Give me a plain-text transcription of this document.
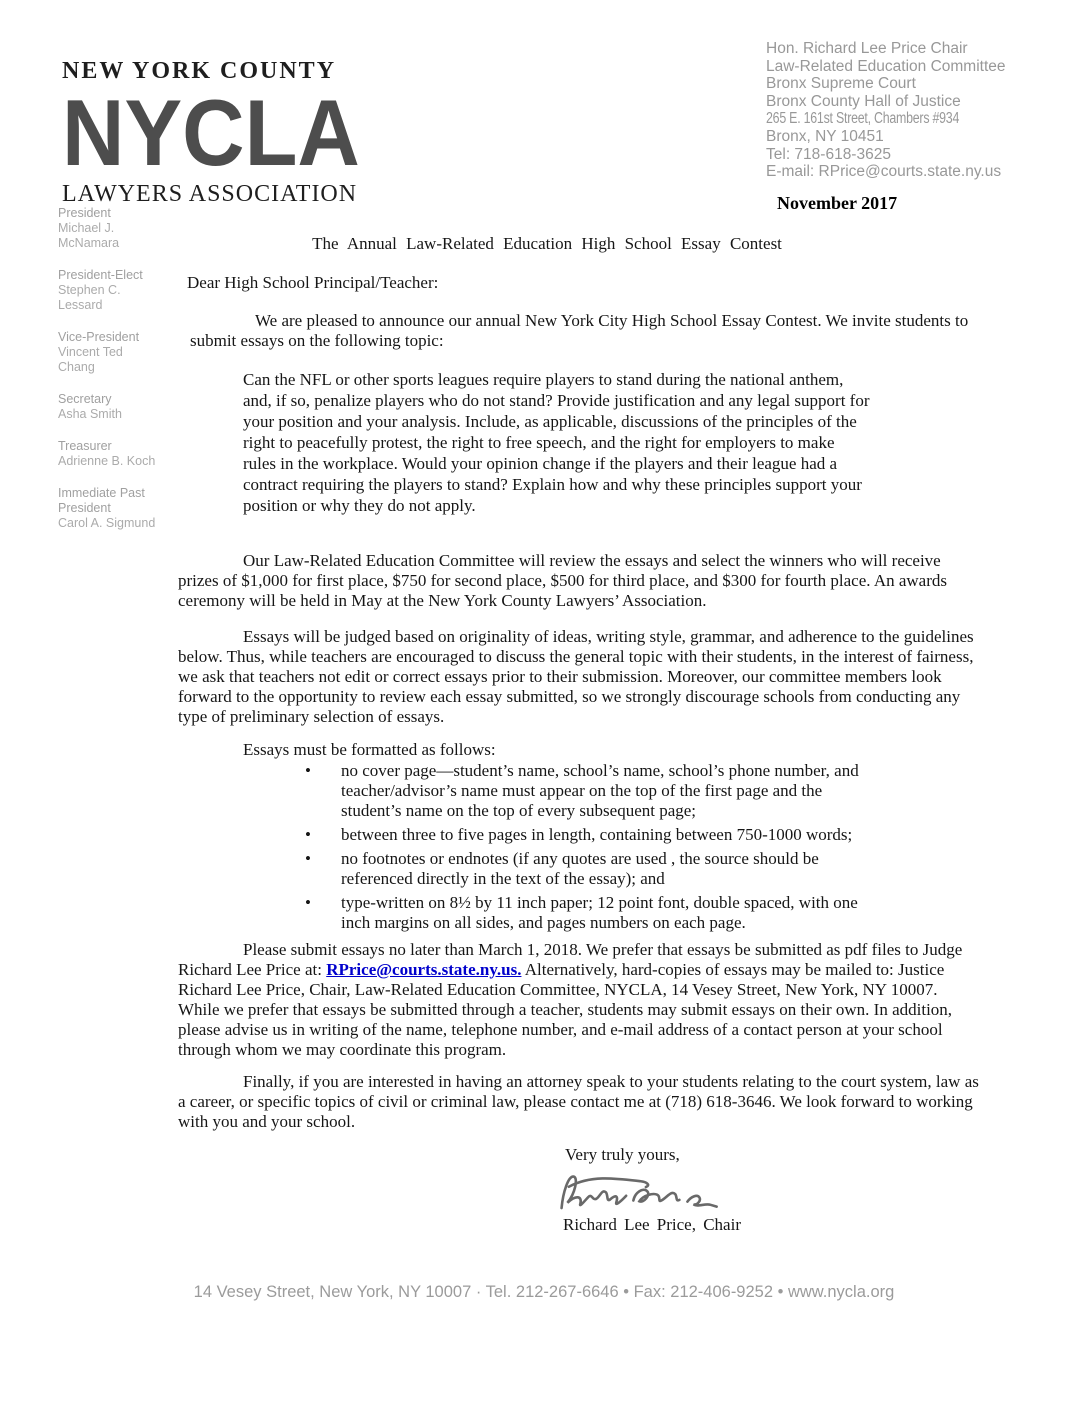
NEW YORK COUNTY
NYCLA
LAWYERS ASSOCIATION
Hon. Richard Lee Price Chair
Law-Related Education Committee
Bronx Supreme Court
Bronx County Hall of Justice
265 E. 161st Street, Chambers #934
Bronx, NY 10451
Tel: 718-618-3625
E-mail: RPrice@courts.state.ny.us
November 2017
President
Michael J. McNamara
President-Elect
Stephen C. Lessard
Vice-President
Vincent Ted Chang
Secretary
Asha Smith
Treasurer
Adrienne B. Koch
Immediate Past President
Carol A. Sigmund
The Annual Law-Related Education High School Essay Contest
Dear High School Principal/Teacher:

We are pleased to announce our annual New York City High School Essay Contest. We invite students to submit essays on the following topic:

Can the NFL or other sports leagues require players to stand during the national anthem, and, if so, penalize players who do not stand? Provide justification and any legal support for your position and your analysis. Include, as applicable, discussions of the principles of the right to peacefully protest, the right to free speech, and the right for employers to make rules in the workplace. Would your opinion change if the players and their league had a contract requiring the players to stand? Explain how and why these principles support your position or why they do not apply.

Our Law-Related Education Committee will review the essays and select the winners who will receive prizes of $1,000 for first place, $750 for second place, $500 for third place, and $300 for fourth place. An awards ceremony will be held in May at the New York County Lawyers’ Association.

Essays will be judged based on originality of ideas, writing style, grammar, and adherence to the guidelines below. Thus, while teachers are encouraged to discuss the general topic with their students, in the interest of fairness, we ask that teachers not edit or correct essays prior to their submission. Moreover, our committee members look forward to the opportunity to review each essay submitted, so we strongly discourage schools from conducting any type of preliminary selection of essays.

Essays must be formatted as follows:
• no cover page—student’s name, school’s name, school’s phone number, and teacher/advisor’s name must appear on the top of the first page and the student’s name on the top of every subsequent page;
• between three to five pages in length, containing between 750-1000 words;
• no footnotes or endnotes (if any quotes are used , the source should be referenced directly in the text of the essay); and
• type-written on 8½ by 11 inch paper; 12 point font, double spaced, with one inch margins on all sides, and pages numbers on each page.

Please submit essays no later than March 1, 2018. We prefer that essays be submitted as pdf files to Judge Richard Lee Price at: RPrice@courts.state.ny.us. Alternatively, hard-copies of essays may be mailed to: Justice Richard Lee Price, Chair, Law-Related Education Committee, NYCLA, 14 Vesey Street, New York, NY 10007. While we prefer that essays be submitted through a teacher, students may submit essays on their own. In addition, please advise us in writing of the name, telephone number, and e-mail address of a contact person at your school through whom we may coordinate this program.

Finally, if you are interested in having an attorney speak to your students relating to the court system, law as a career, or specific topics of civil or criminal law, please contact me at (718) 618-3646. We look forward to working with you and your school.

Very truly yours,
Richard Lee Price, Chair
14 Vesey Street, New York, NY 10007 · Tel. 212-267-6646 • Fax: 212-406-9252 • www.nycla.org
